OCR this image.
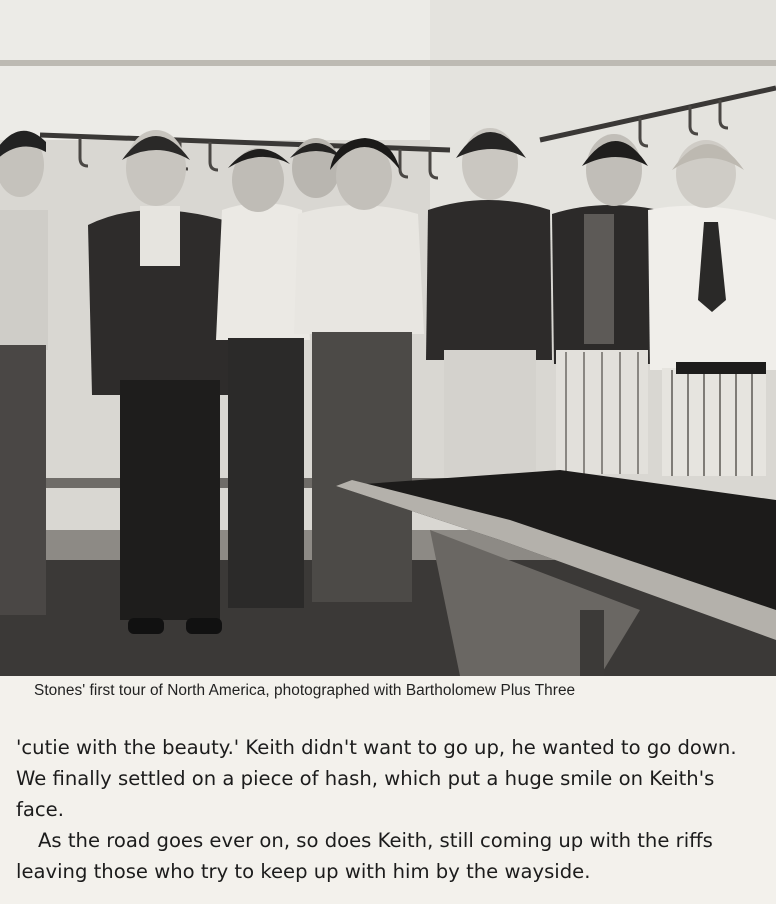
Stones' first tour of North America, photographed with Bartholomew Plus Three

'cutie with the beauty.' Keith didn't want to go up, he wanted to go down. We finally settled on a piece of hash, which put a huge smile on Keith's face.

As the road goes ever on, so does Keith, still coming up with the riffs leaving those who try to keep up with him by the wayside.
